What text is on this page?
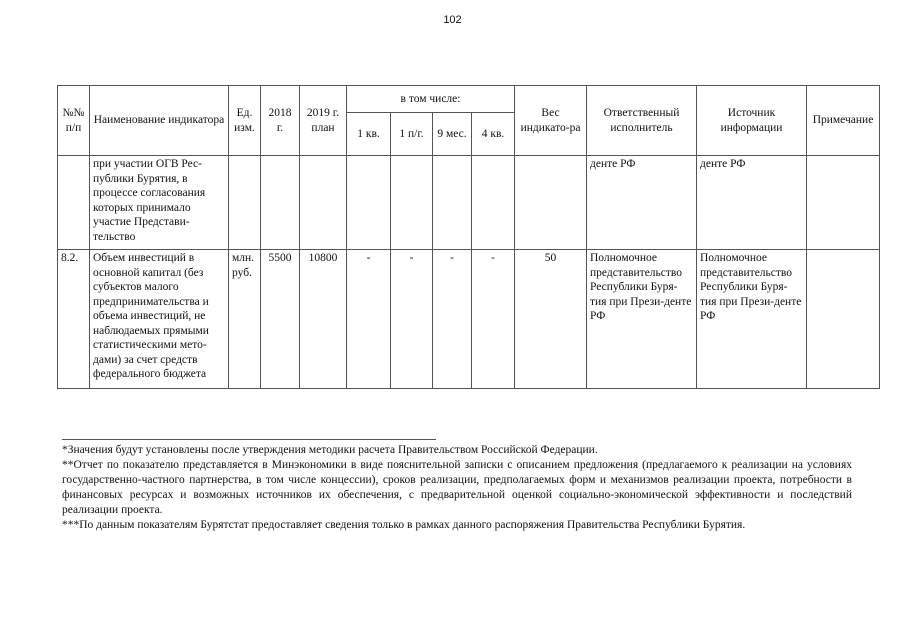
102
№№ п/п	Наименование индикатора	Ед. изм.	2018 г.	2019 г. план	в том числе:				Вес индикато-ра	Ответственный исполнитель	Источник информации	Примечание
					1 кв.	1 п/г.	9 мес.	4 кв.				
	при участии ОГВ Рес-публики Бурятия, в процессе согласования которых принимало участие Представи-тельство									денте РФ	денте РФ	
8.2.	Объем инвестиций в основной капитал (без субъектов малого предпринимательства и объема инвестиций, не наблюдаемых прямыми статистическими мето-дами) за счет средств федерального бюджета	млн. руб.	5500	10800	-	-	-	-	50	Полномочное представительство Республики Буря-тия при Прези-денте РФ	Полномочное представительство Республики Буря-тия при Прези-денте РФ	

*Значения будут установлены после утверждения методики расчета Правительством Российской Федерации.

**Отчет по показателю представляется в Минэкономики в виде пояснительной записки с описанием предложения (предлагаемого к реализации на условиях государственно-частного партнерства, в том числе концессии), сроков реализации, предполагаемых форм и механизмов реализации проекта, потребности в финансовых ресурсах и возможных источников их обеспечения, с предварительной оценкой социально-экономической эффективности и последствий реализации проекта.

***По данным показателям Бурятстат предоставляет сведения только в рамках данного распоряжения Правительства Республики Бурятия.
